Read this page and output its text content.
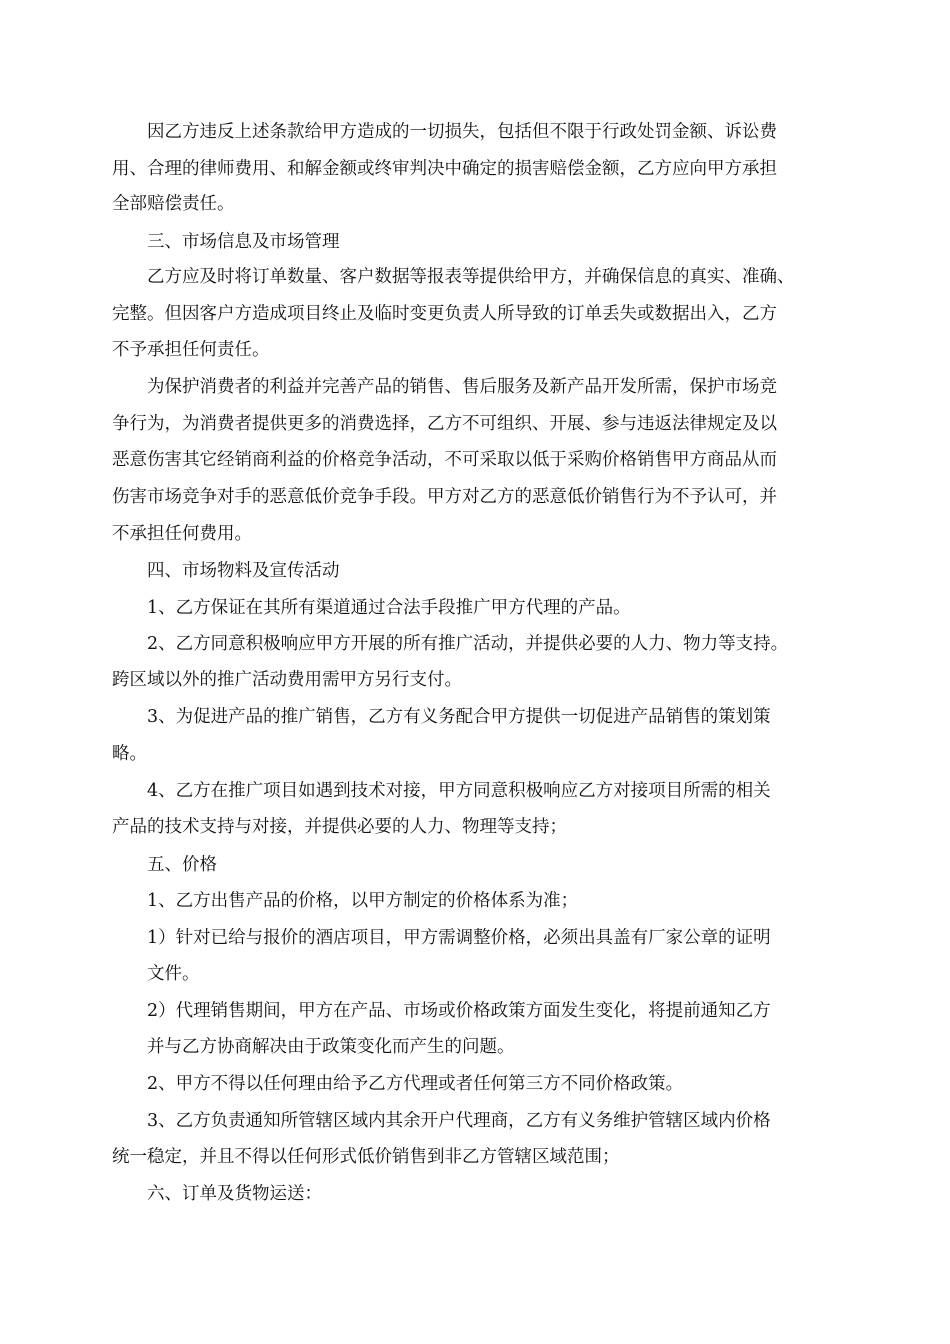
因乙方违反上述条款给甲方造成的一切损失，包括但不限于行政处罚金额、诉讼费
用、合理的律师费用、和解金额或终审判决中确定的损害赔偿金额，乙方应向甲方承担
全部赔偿责任。
三、市场信息及市场管理
乙方应及时将订单数量、客户数据等报表等提供给甲方，并确保信息的真实、准确、
完整。但因客户方造成项目终止及临时变更负责人所导致的订单丢失或数据出入，乙方
不予承担任何责任。
为保护消费者的利益并完善产品的销售、售后服务及新产品开发所需，保护市场竞
争行为，为消费者提供更多的消费选择，乙方不可组织、开展、参与违返法律规定及以
恶意伤害其它经销商利益的价格竞争活动，不可采取以低于采购价格销售甲方商品从而
伤害市场竞争对手的恶意低价竞争手段。甲方对乙方的恶意低价销售行为不予认可，并
不承担任何费用。
四、市场物料及宣传活动
1、乙方保证在其所有渠道通过合法手段推广甲方代理的产品。
2、乙方同意积极响应甲方开展的所有推广活动，并提供必要的人力、物力等支持。
跨区域以外的推广活动费用需甲方另行支付。
3、为促进产品的推广销售，乙方有义务配合甲方提供一切促进产品销售的策划策
略。
4、乙方在推广项目如遇到技术对接，甲方同意积极响应乙方对接项目所需的相关
产品的技术支持与对接，并提供必要的人力、物理等支持；
五、价格
1、乙方出售产品的价格，以甲方制定的价格体系为准；
1）针对已给与报价的酒店项目，甲方需调整价格，必须出具盖有厂家公章的证明
文件。
2）代理销售期间，甲方在产品、市场或价格政策方面发生变化，将提前通知乙方
并与乙方协商解决由于政策变化而产生的问题。
2、甲方不得以任何理由给予乙方代理或者任何第三方不同价格政策。
3、乙方负责通知所管辖区域内其余开户代理商，乙方有义务维护管辖区域内价格
统一稳定，并且不得以任何形式低价销售到非乙方管辖区域范围；
六、订单及货物运送：
